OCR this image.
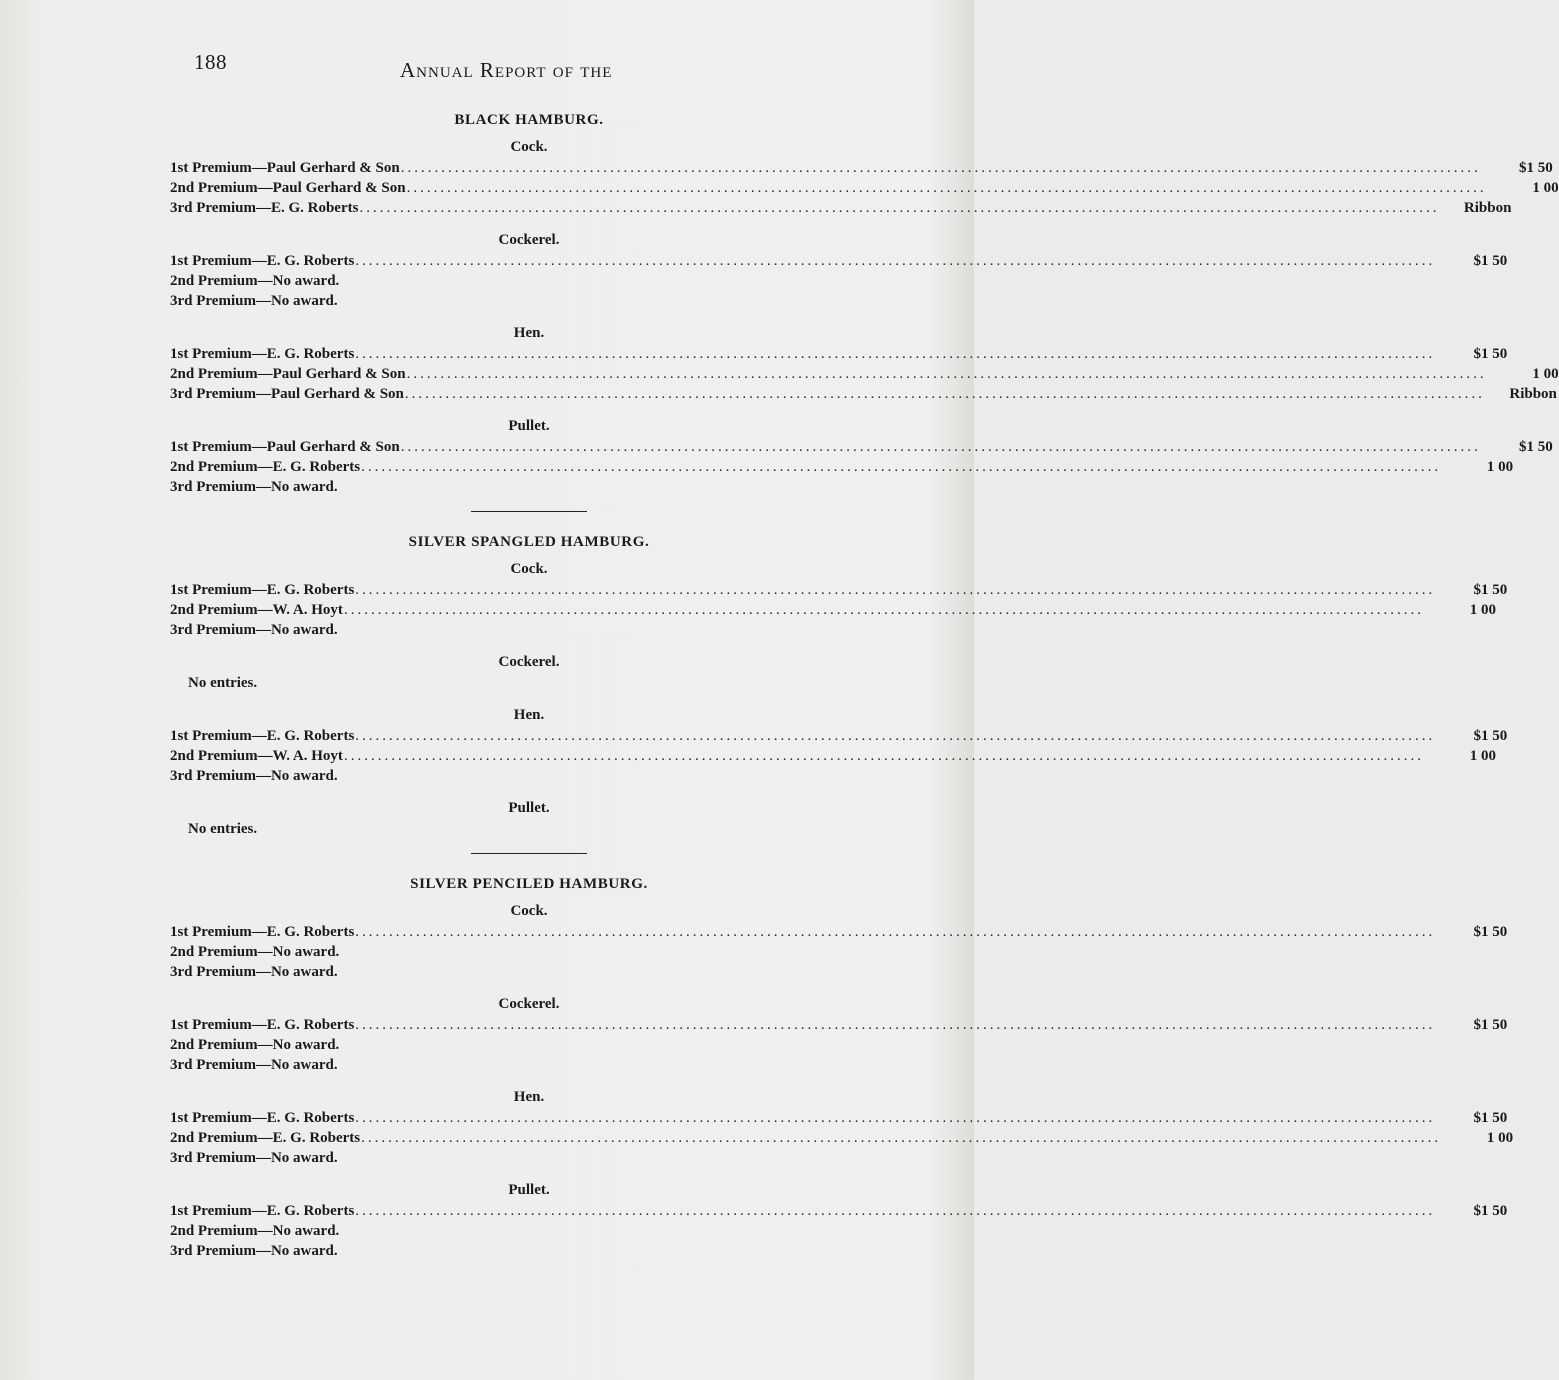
188	Annual Report of the
BLACK HAMBURG.
Cock.
1st Premium—Paul Gerhard & Son ................................................................................................................................................................	$1 50
2nd Premium—Paul Gerhard & Son ................................................................................................................................................................	1 00
3rd Premium—E. G. Roberts ................................................................................................................................................................	Ribbon
Cockerel.
1st Premium—E. G. Roberts ................................................................................................................................................................	$1 50
2nd Premium—No award.
3rd Premium—No award.
Hen.
1st Premium—E. G. Roberts ................................................................................................................................................................	$1 50
2nd Premium—Paul Gerhard & Son ................................................................................................................................................................	1 00
3rd Premium—Paul Gerhard & Son ................................................................................................................................................................	Ribbon
Pullet.
1st Premium—Paul Gerhard & Son ................................................................................................................................................................	$1 50
2nd Premium—E. G. Roberts ................................................................................................................................................................	1 00
3rd Premium—No award.
SILVER SPANGLED HAMBURG.
Cock.
1st Premium—E. G. Roberts ................................................................................................................................................................	$1 50
2nd Premium—W. A. Hoyt ................................................................................................................................................................	1 00
3rd Premium—No award.
Cockerel.
No entries.
Hen.
1st Premium—E. G. Roberts ................................................................................................................................................................	$1 50
2nd Premium—W. A. Hoyt ................................................................................................................................................................	1 00
3rd Premium—No award.
Pullet.
No entries.
SILVER PENCILED HAMBURG.
Cock.
1st Premium—E. G. Roberts ................................................................................................................................................................	$1 50
2nd Premium—No award.
3rd Premium—No award.
Cockerel.
1st Premium—E. G. Roberts ................................................................................................................................................................	$1 50
2nd Premium—No award.
3rd Premium—No award.
Hen.
1st Premium—E. G. Roberts ................................................................................................................................................................	$1 50
2nd Premium—E. G. Roberts ................................................................................................................................................................	1 00
3rd Premium—No award.
Pullet.
1st Premium—E. G. Roberts ................................................................................................................................................................	$1 50
2nd Premium—No award.
3rd Premium—No award.
